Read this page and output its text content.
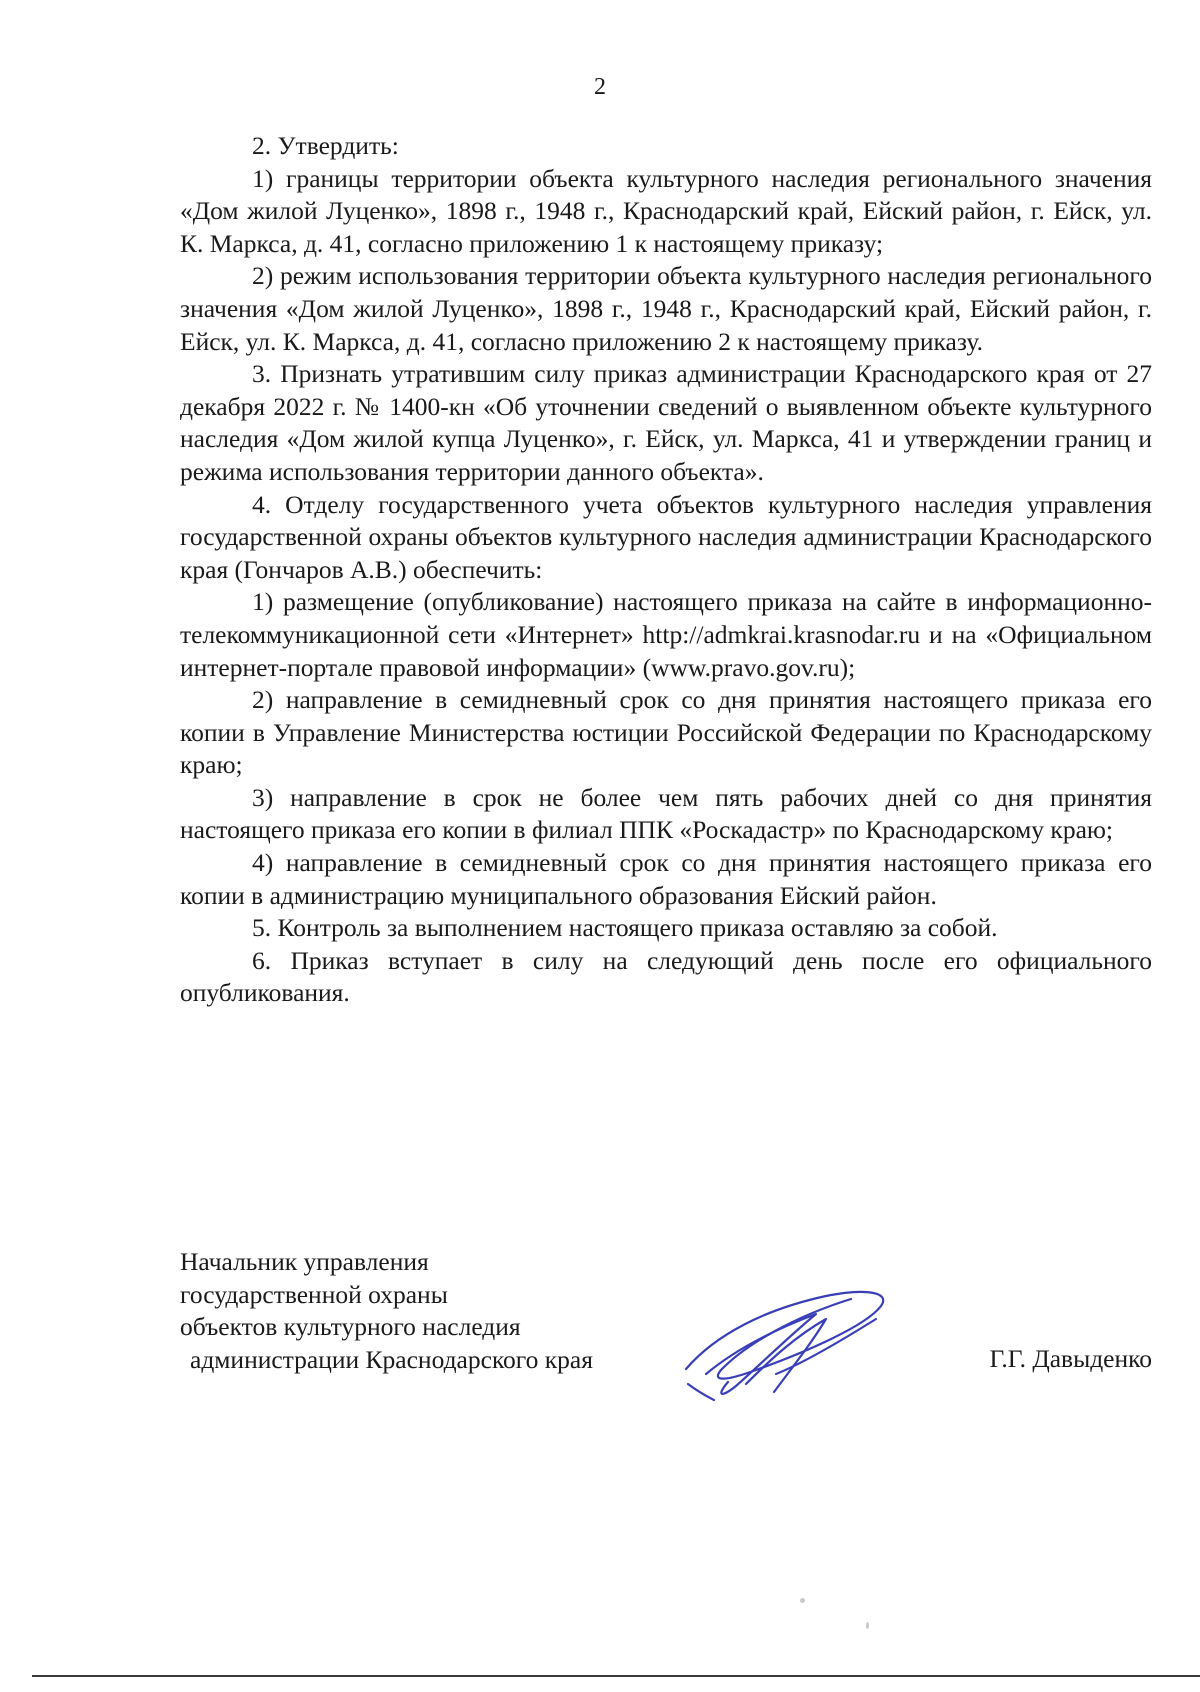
2

2. Утвердить:

1) границы территории объекта культурного наследия регионального значения «Дом жилой Луценко», 1898 г., 1948 г., Краснодарский край, Ейский район, г. Ейск, ул. К. Маркса, д. 41, согласно приложению 1 к настоящему приказу;

2) режим использования территории объекта культурного наследия регионального значения «Дом жилой Луценко», 1898 г., 1948 г., Краснодарский край, Ейский район, г. Ейск, ул. К. Маркса, д. 41, согласно приложению 2 к настоящему приказу.

3. Признать утратившим силу приказ администрации Краснодарского края от 27 декабря 2022 г. № 1400-кн «Об уточнении сведений о выявленном объекте культурного наследия «Дом жилой купца Луценко», г. Ейск, ул. Маркса, 41 и утверждении границ и режима использования территории данного объекта».

4. Отделу государственного учета объектов культурного наследия управления государственной охраны объектов культурного наследия администрации Краснодарского края (Гончаров А.В.) обеспечить:

1) размещение (опубликование) настоящего приказа на сайте в информационно-телекоммуникационной сети «Интернет» http://admkrai.krasnodar.ru и на «Официальном интернет-портале правовой информации» (www.pravo.gov.ru);

2) направление в семидневный срок со дня принятия настоящего приказа его копии в Управление Министерства юстиции Российской Федерации по Краснодарскому краю;

3) направление в срок не более чем пять рабочих дней со дня принятия настоящего приказа его копии в филиал ППК «Роскадастр» по Краснодарскому краю;

4) направление в семидневный срок со дня принятия настоящего приказа его копии в администрацию муниципального образования Ейский район.

5. Контроль за выполнением настоящего приказа оставляю за собой.

6. Приказ вступает в силу на следующий день после его официального опубликования.

Начальник управления
государственной охраны
объектов культурного наследия
администрации Краснодарского края	Г.Г. Давыденко
